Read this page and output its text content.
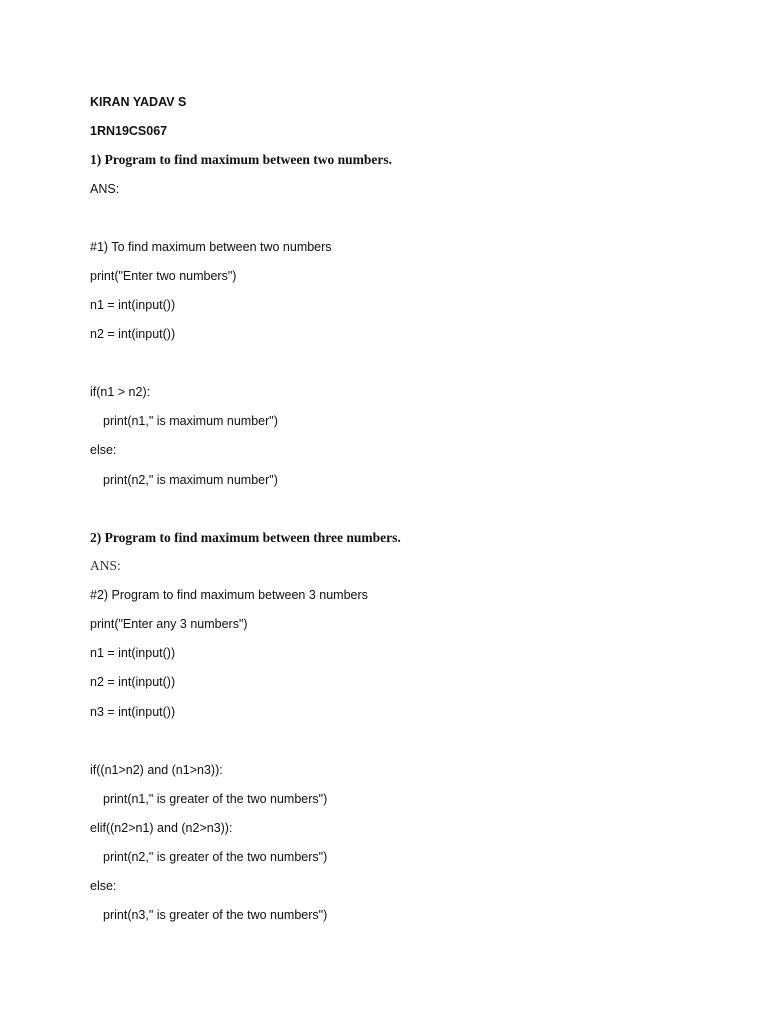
KIRAN YADAV S
1RN19CS067
1) Program to find maximum between two numbers.
ANS:
#1) To find maximum between two numbers
print("Enter two numbers")
n1 = int(input())
n2 = int(input())
if(n1 > n2):
print(n1," is maximum number")
else:
print(n2," is maximum number")
2) Program to find maximum between three numbers.
ANS:
#2) Program to find maximum between 3 numbers
print("Enter any 3 numbers")
n1 = int(input())
n2 = int(input())
n3 = int(input())
if((n1>n2) and (n1>n3)):
print(n1," is greater of the two numbers")
elif((n2>n1) and (n2>n3)):
print(n2," is greater of the two numbers")
else:
print(n3," is greater of the two numbers")
